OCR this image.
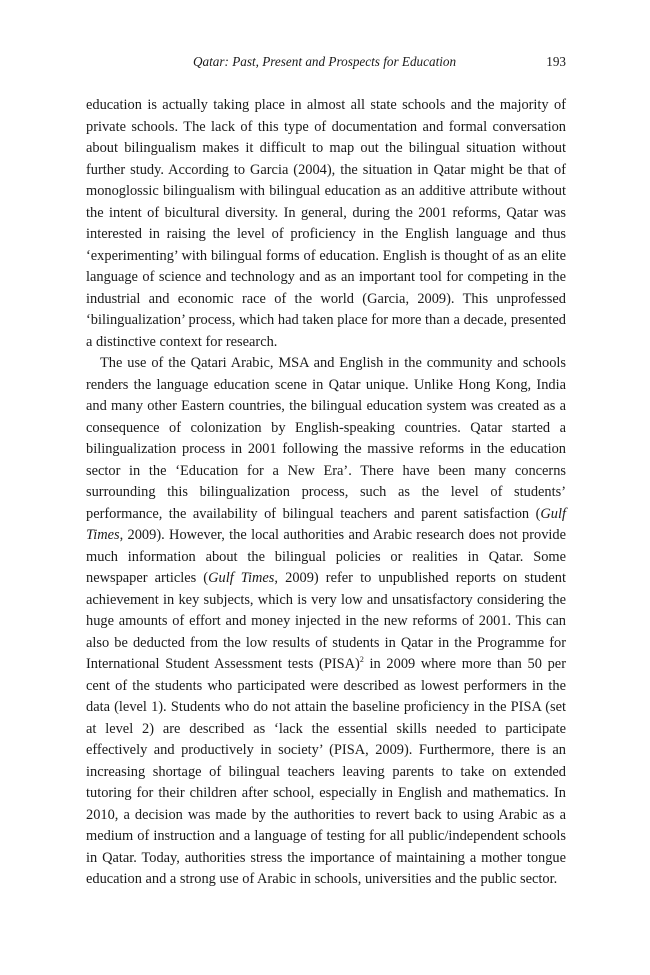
Qatar: Past, Present and Prospects for Education	193

education is actually taking place in almost all state schools and the majority of private schools. The lack of this type of documentation and formal conversation about bilingualism makes it difficult to map out the bilingual situation without further study. According to Garcia (2004), the situation in Qatar might be that of monoglossic bilingualism with bilingual education as an additive attribute without the intent of bicultural diversity. In general, during the 2001 reforms, Qatar was interested in raising the level of proficiency in the English language and thus ‘experimenting’ with bilingual forms of education. English is thought of as an elite language of science and technology and as an important tool for competing in the industrial and economic race of the world (Garcia, 2009). This unprofessed ‘bilingualization’ process, which had taken place for more than a decade, presented a distinctive context for research.

The use of the Qatari Arabic, MSA and English in the community and schools renders the language education scene in Qatar unique. Unlike Hong Kong, India and many other Eastern countries, the bilingual education system was created as a consequence of colonization by English-speaking countries. Qatar started a bilingualization process in 2001 following the massive reforms in the education sector in the ‘Education for a New Era’. There have been many concerns surrounding this bilingualization process, such as the level of students’ performance, the availability of bilingual teachers and parent satisfaction (Gulf Times, 2009). However, the local authorities and Arabic research does not provide much information about the bilingual policies or realities in Qatar. Some newspaper articles (Gulf Times, 2009) refer to unpublished reports on student achievement in key subjects, which is very low and unsatisfactory considering the huge amounts of effort and money injected in the new reforms of 2001. This can also be deducted from the low results of students in Qatar in the Programme for International Student Assessment tests (PISA)$^2$ in 2009 where more than 50 per cent of the students who participated were described as lowest performers in the data (level 1). Students who do not attain the baseline proficiency in the PISA (set at level 2) are described as ‘lack the essential skills needed to participate effectively and productively in society’ (PISA, 2009). Furthermore, there is an increasing shortage of bilingual teachers leaving parents to take on extended tutoring for their children after school, especially in English and mathematics. In 2010, a decision was made by the authorities to revert back to using Arabic as a medium of instruction and a language of testing for all public/independent schools in Qatar. Today, authorities stress the importance of maintaining a mother tongue education and a strong use of Arabic in schools, universities and the public sector.
